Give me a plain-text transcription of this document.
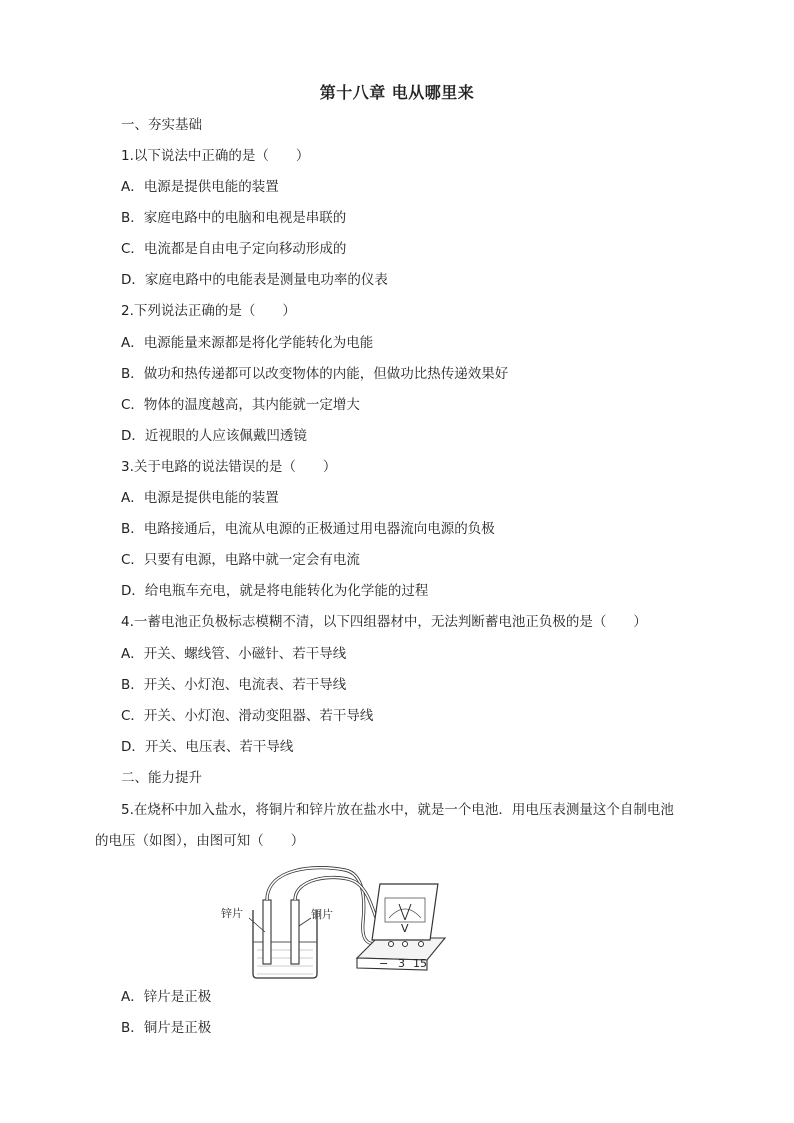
第十八章 电从哪里来
一、夯实基础
1.以下说法中正确的是（　　）
A．电源是提供电能的装置
B．家庭电路中的电脑和电视是串联的
C．电流都是自由电子定向移动形成的
D．家庭电路中的电能表是测量电功率的仪表
2.下列说法正确的是（　　）
A．电源能量来源都是将化学能转化为电能
B．做功和热传递都可以改变物体的内能，但做功比热传递效果好
C．物体的温度越高，其内能就一定增大
D．近视眼的人应该佩戴凹透镜
3.关于电路的说法错误的是（　　）
A．电源是提供电能的装置
B．电路接通后，电流从电源的正极通过用电器流向电源的负极
C．只要有电源，电路中就一定会有电流
D．给电瓶车充电，就是将电能转化为化学能的过程
4.一蓄电池正负极标志模糊不清，以下四组器材中，无法判断蓄电池正负极的是（　　）
A．开关、螺线管、小磁针、若干导线
B．开关、小灯泡、电流表、若干导线
C．开关、小灯泡、滑动变阻器、若干导线
D．开关、电压表、若干导线
二、能力提升
5.在烧杯中加入盐水，将铜片和锌片放在盐水中，就是一个电池．用电压表测量这个自制电池
的电压（如图），由图可知（　　）
V
− 3 15
锌片	铜片
A．锌片是正极
B．铜片是正极
